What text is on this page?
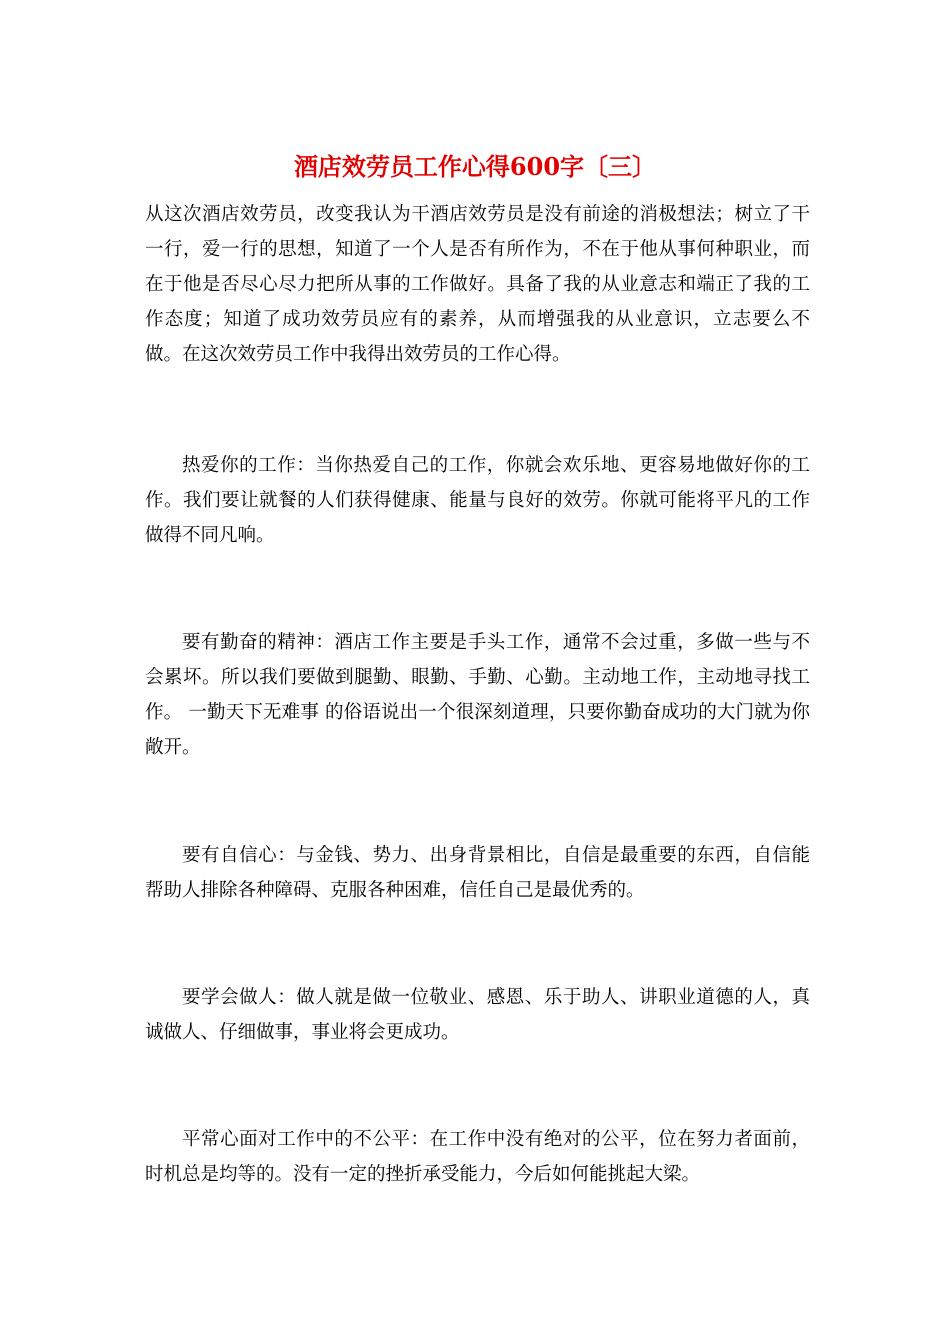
酒店效劳员工作心得600字〔三〕

从这次酒店效劳员，改变我认为干酒店效劳员是没有前途的消极想法；树立了干一行，爱一行的思想，知道了一个人是否有所作为，不在于他从事何种职业，而在于他是否尽心尽力把所从事的工作做好。具备了我的从业意志和端正了我的工作态度；知道了成功效劳员应有的素养，从而增强我的从业意识，立志要么不做。在这次效劳员工作中我得出效劳员的工作心得。

热爱你的工作：当你热爱自己的工作，你就会欢乐地、更容易地做好你的工作。我们要让就餐的人们获得健康、能量与良好的效劳。你就可能将平凡的工作做得不同凡响。

要有勤奋的精神：酒店工作主要是手头工作，通常不会过重，多做一些与不会累坏。所以我们要做到腿勤、眼勤、手勤、心勤。主动地工作，主动地寻找工作。 一勤天下无难事 的俗语说出一个很深刻道理，只要你勤奋成功的大门就为你敞开。

要有自信心：与金钱、势力、出身背景相比，自信是最重要的东西，自信能帮助人排除各种障碍、克服各种困难，信任自己是最优秀的。

要学会做人：做人就是做一位敬业、感恩、乐于助人、讲职业道德的人，真诚做人、仔细做事，事业将会更成功。

平常心面对工作中的不公平：在工作中没有绝对的公平，位在努力者面前，时机总是均等的。没有一定的挫折承受能力，今后如何能挑起大梁。
